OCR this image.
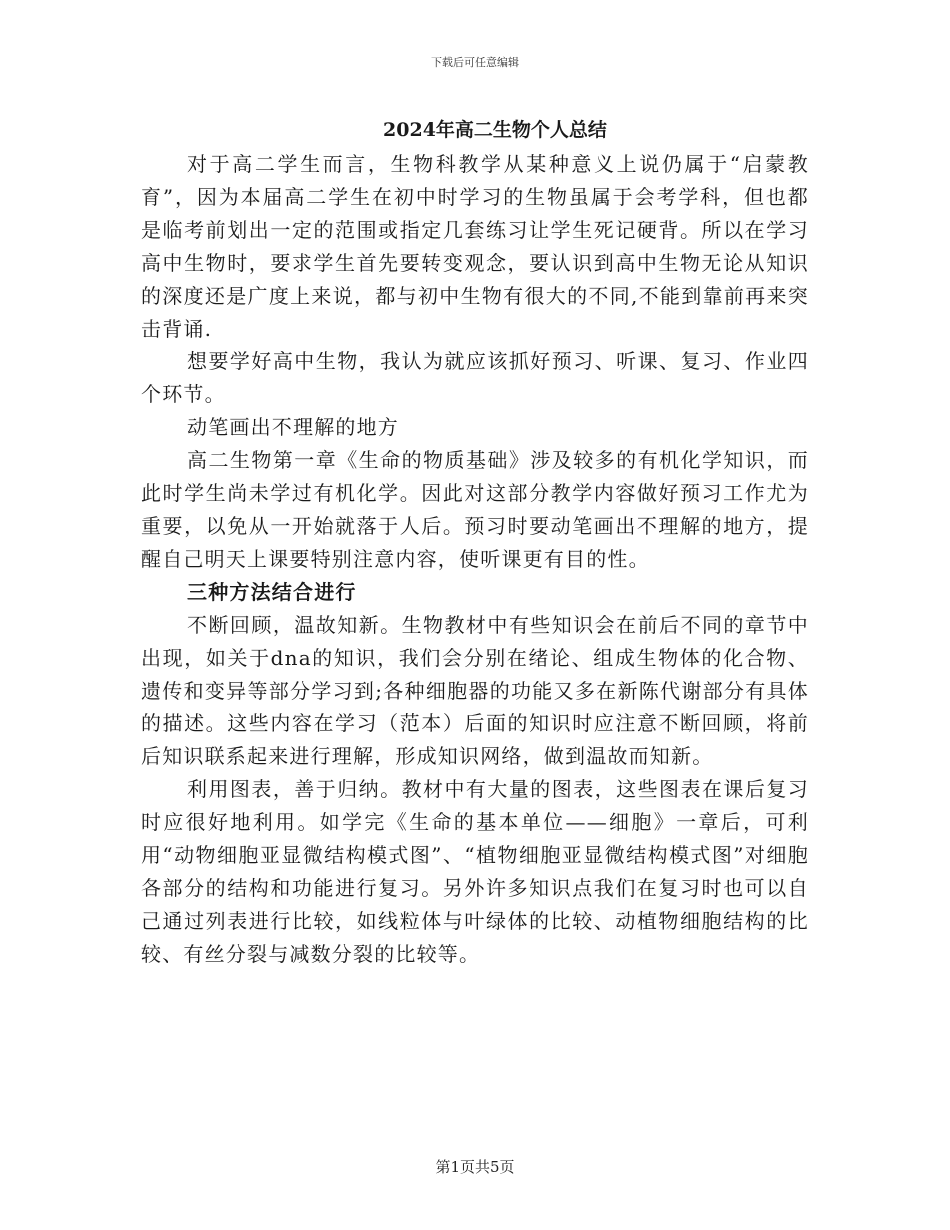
下载后可任意编辑
2024年高二生物个人总结

对于高二学生而言，生物科教学从某种意义上说仍属于“启蒙教育”，因为本届高二学生在初中时学习的生物虽属于会考学科，但也都是临考前划出一定的范围或指定几套练习让学生死记硬背。所以在学习高中生物时，要求学生首先要转变观念，要认识到高中生物无论从知识的深度还是广度上来说，都与初中生物有很大的不同,不能到靠前再来突击背诵.

想要学好高中生物，我认为就应该抓好预习、听课、复习、作业四个环节。

动笔画出不理解的地方

高二生物第一章《生命的物质基础》涉及较多的有机化学知识，而此时学生尚未学过有机化学。因此对这部分教学内容做好预习工作尤为重要，以免从一开始就落于人后。预习时要动笔画出不理解的地方，提醒自己明天上课要特别注意内容，使听课更有目的性。

三种方法结合进行

不断回顾，温故知新。生物教材中有些知识会在前后不同的章节中出现，如关于dna的知识，我们会分别在绪论、组成生物体的化合物、遗传和变异等部分学习到;各种细胞器的功能又多在新陈代谢部分有具体的描述。这些内容在学习（范本）后面的知识时应注意不断回顾，将前后知识联系起来进行理解，形成知识网络，做到温故而知新。

利用图表，善于归纳。教材中有大量的图表，这些图表在课后复习时应很好地利用。如学完《生命的基本单位——细胞》一章后，可利用“动物细胞亚显微结构模式图”、“植物细胞亚显微结构模式图”对细胞各部分的结构和功能进行复习。另外许多知识点我们在复习时也可以自己通过列表进行比较，如线粒体与叶绿体的比较、动植物细胞结构的比较、有丝分裂与减数分裂的比较等。

第1页共5页
